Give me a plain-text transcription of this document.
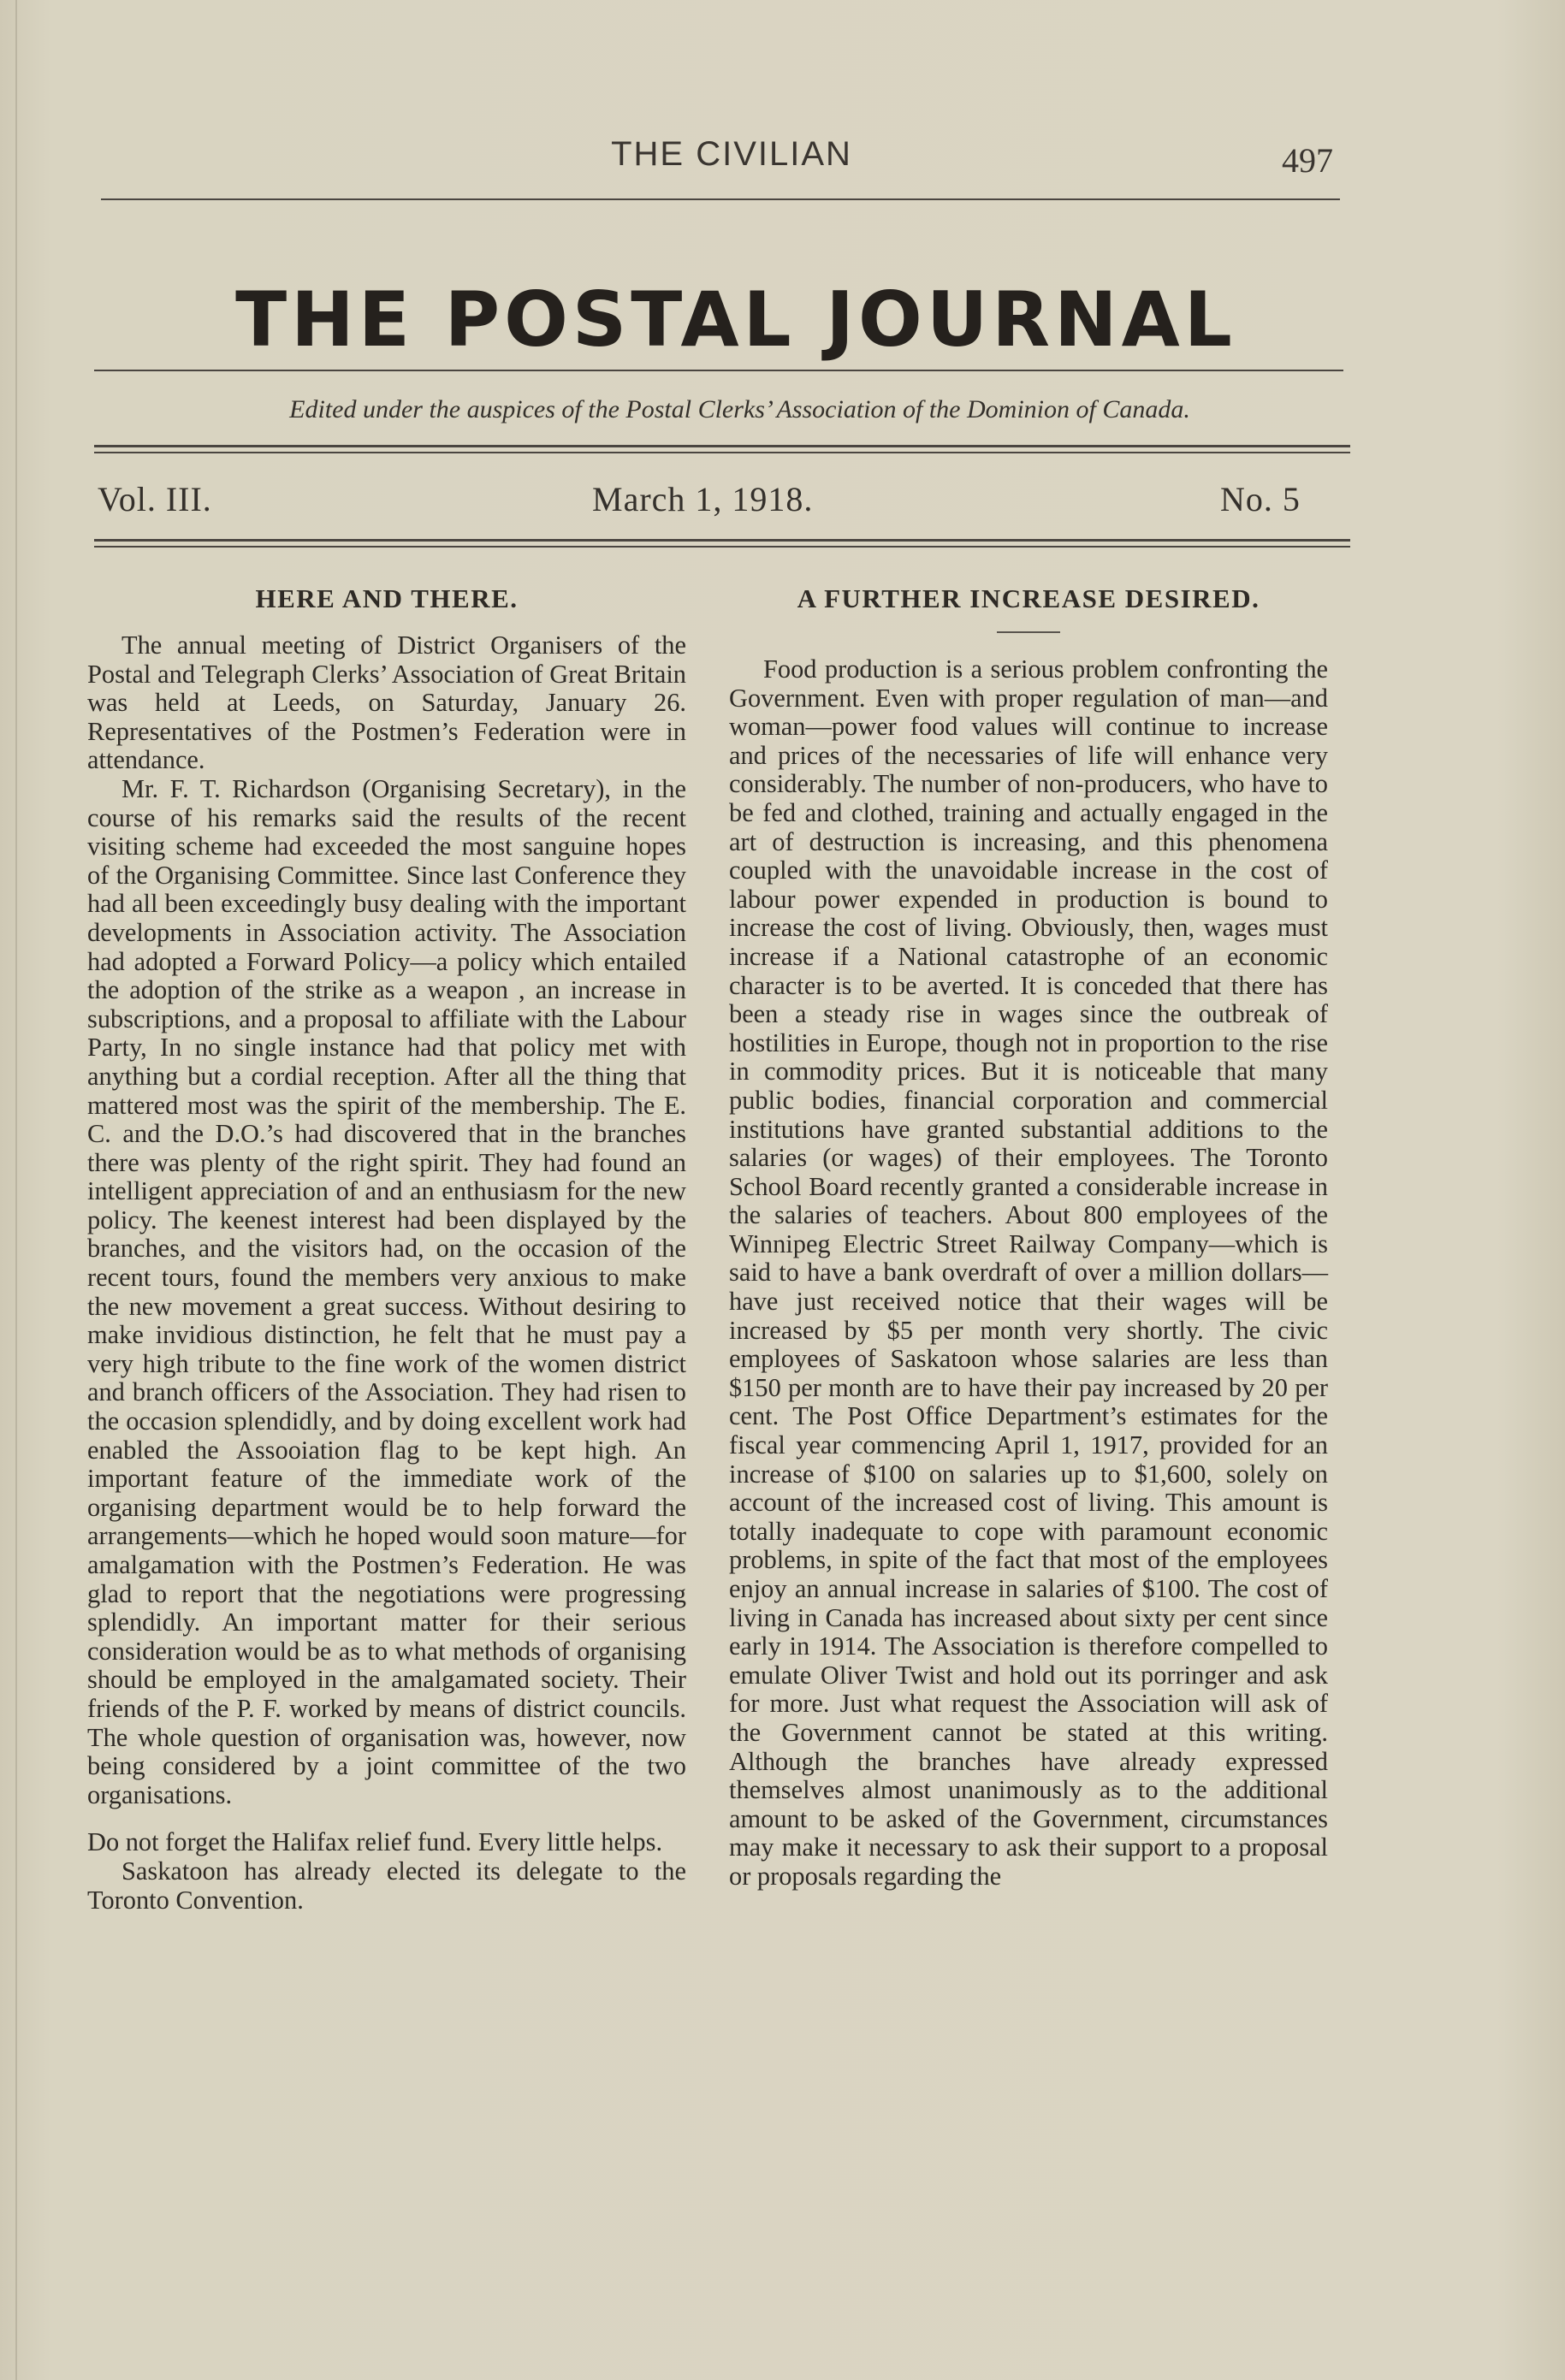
THE CIVILIAN	497
THE POSTAL JOURNAL
Edited under the auspices of the Postal Clerks’ Association of the Dominion of Canada.
Vol. III.	March 1, 1918.	No. 5
HERE AND THERE.

The annual meeting of District Organisers of the Postal and Telegraph Clerks’ Association of Great Britain was held at Leeds, on Saturday, January 26. Representatives of the Postmen’s Federation were in attendance.

Mr. F. T. Richardson (Organising Secretary), in the course of his remarks said the results of the recent visiting scheme had exceeded the most sanguine hopes of the Organising Committee. Since last Conference they had all been exceedingly busy dealing with the important developments in Association activity. The Association had adopted a Forward Policy—a policy which entailed the adoption of the strike as a weapon , an increase in subscriptions, and a proposal to affiliate with the Labour Party, In no single instance had that policy met with anything but a cordial reception. After all the thing that mattered most was the spirit of the membership. The E. C. and the D.O.’s had discovered that in the branches there was plenty of the right spirit. They had found an intelligent appreciation of and an enthusiasm for the new policy. The keenest interest had been displayed by the branches, and the visitors had, on the occasion of the recent tours, found the members very anxious to make the new movement a great success. Without desiring to make invidious distinction, he felt that he must pay a very high tribute to the fine work of the women district and branch officers of the Association. They had risen to the occasion splendidly, and by doing excellent work had enabled the Assooiation flag to be kept high. An important feature of the immediate work of the organising department would be to help forward the arrangements—which he hoped would soon mature—for amalgamation with the Postmen’s Federation. He was glad to report that the negotiations were progressing splendidly. An important matter for their serious consideration would be as to what methods of organising should be employed in the amalgamated society. Their friends of the P. F. worked by means of district councils. The whole question of organisation was, however, now being considered by a joint committee of the two organisations.

Do not forget the Halifax relief fund. Every little helps.

Saskatoon has already elected its delegate to the Toronto Convention.

A FURTHER INCREASE DESIRED.

Food production is a serious problem confronting the Government. Even with proper regulation of man—and woman—power food values will continue to increase and prices of the necessaries of life will enhance very considerably. The number of non-producers, who have to be fed and clothed, training and actually engaged in the art of destruction is increasing, and this phenomena coupled with the unavoidable increase in the cost of labour power expended in production is bound to increase the cost of living. Obviously, then, wages must increase if a National catastrophe of an economic character is to be averted. It is conceded that there has been a steady rise in wages since the outbreak of hostilities in Europe, though not in proportion to the rise in commodity prices. But it is noticeable that many public bodies, financial corporation and commercial institutions have granted substantial additions to the salaries (or wages) of their employees. The Toronto School Board recently granted a considerable increase in the salaries of teachers. About 800 employees of the Winnipeg Electric Street Railway Company—which is said to have a bank overdraft of over a million dollars—have just received notice that their wages will be increased by $5 per month very shortly. The civic employees of Saskatoon whose salaries are less than $150 per month are to have their pay increased by 20 per cent. The Post Office Department’s estimates for the fiscal year commencing April 1, 1917, provided for an increase of $100 on salaries up to $1,600, solely on account of the increased cost of living. This amount is totally inadequate to cope with paramount economic problems, in spite of the fact that most of the employees enjoy an annual increase in salaries of $100. The cost of living in Canada has increased about sixty per cent since early in 1914. The Association is therefore compelled to emulate Oliver Twist and hold out its porringer and ask for more. Just what request the Association will ask of the Government cannot be stated at this writing. Although the branches have already expressed themselves almost unanimously as to the additional amount to be asked of the Government, circumstances may make it necessary to ask their support to a proposal or proposals regarding the
